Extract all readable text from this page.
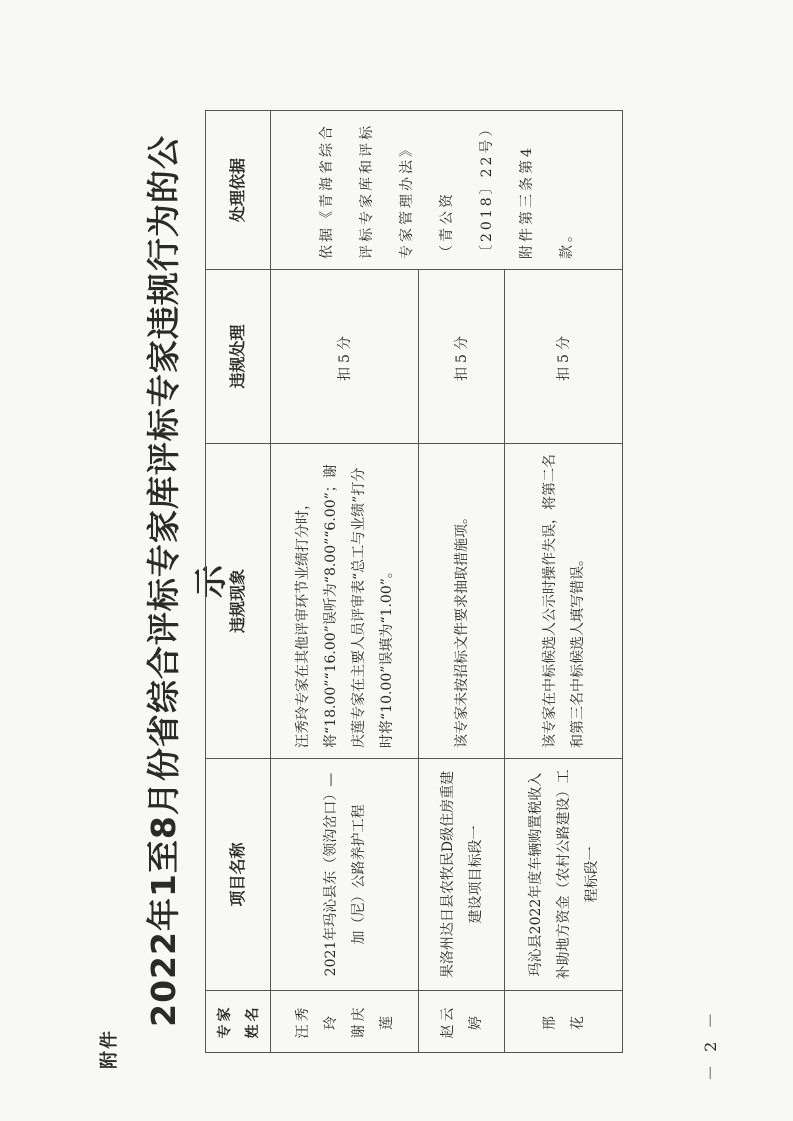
附件
2022年1至8月份省综合评标专家库评标专家违规行为的公示
专家姓名	项目名称	违规现象	违规处理	处理依据

汪秀玲 谢庆莲	2021年玛沁县东（领沟岔口）—加（尼）公路养护工程	汪秀玲专家在其他评审环节业绩打分时，将“18.00”“16.00”误听为“8.00”“6.00”；谢庆莲专家在主要人员评审表“总工与业绩”打分时将“10.00”误填为“1.00”。	扣5分	依据《青海省综合评标专家库和评标专家管理办法》（青公资〔2018〕22号）附件第三条第4款。

赵云婷	果洛州达日县农牧民D级住房重建建设项目标段一	该专家未按招标文件要求抽取措施项。	扣5分	

邢　花	玛沁县2022年度车辆购置税收入补助地方资金（农村公路建设）工程标段一	该专家在中标候选人公示时操作失误，将第二名和第三名中标候选人填写错误。	扣5分	
－ 2 －
